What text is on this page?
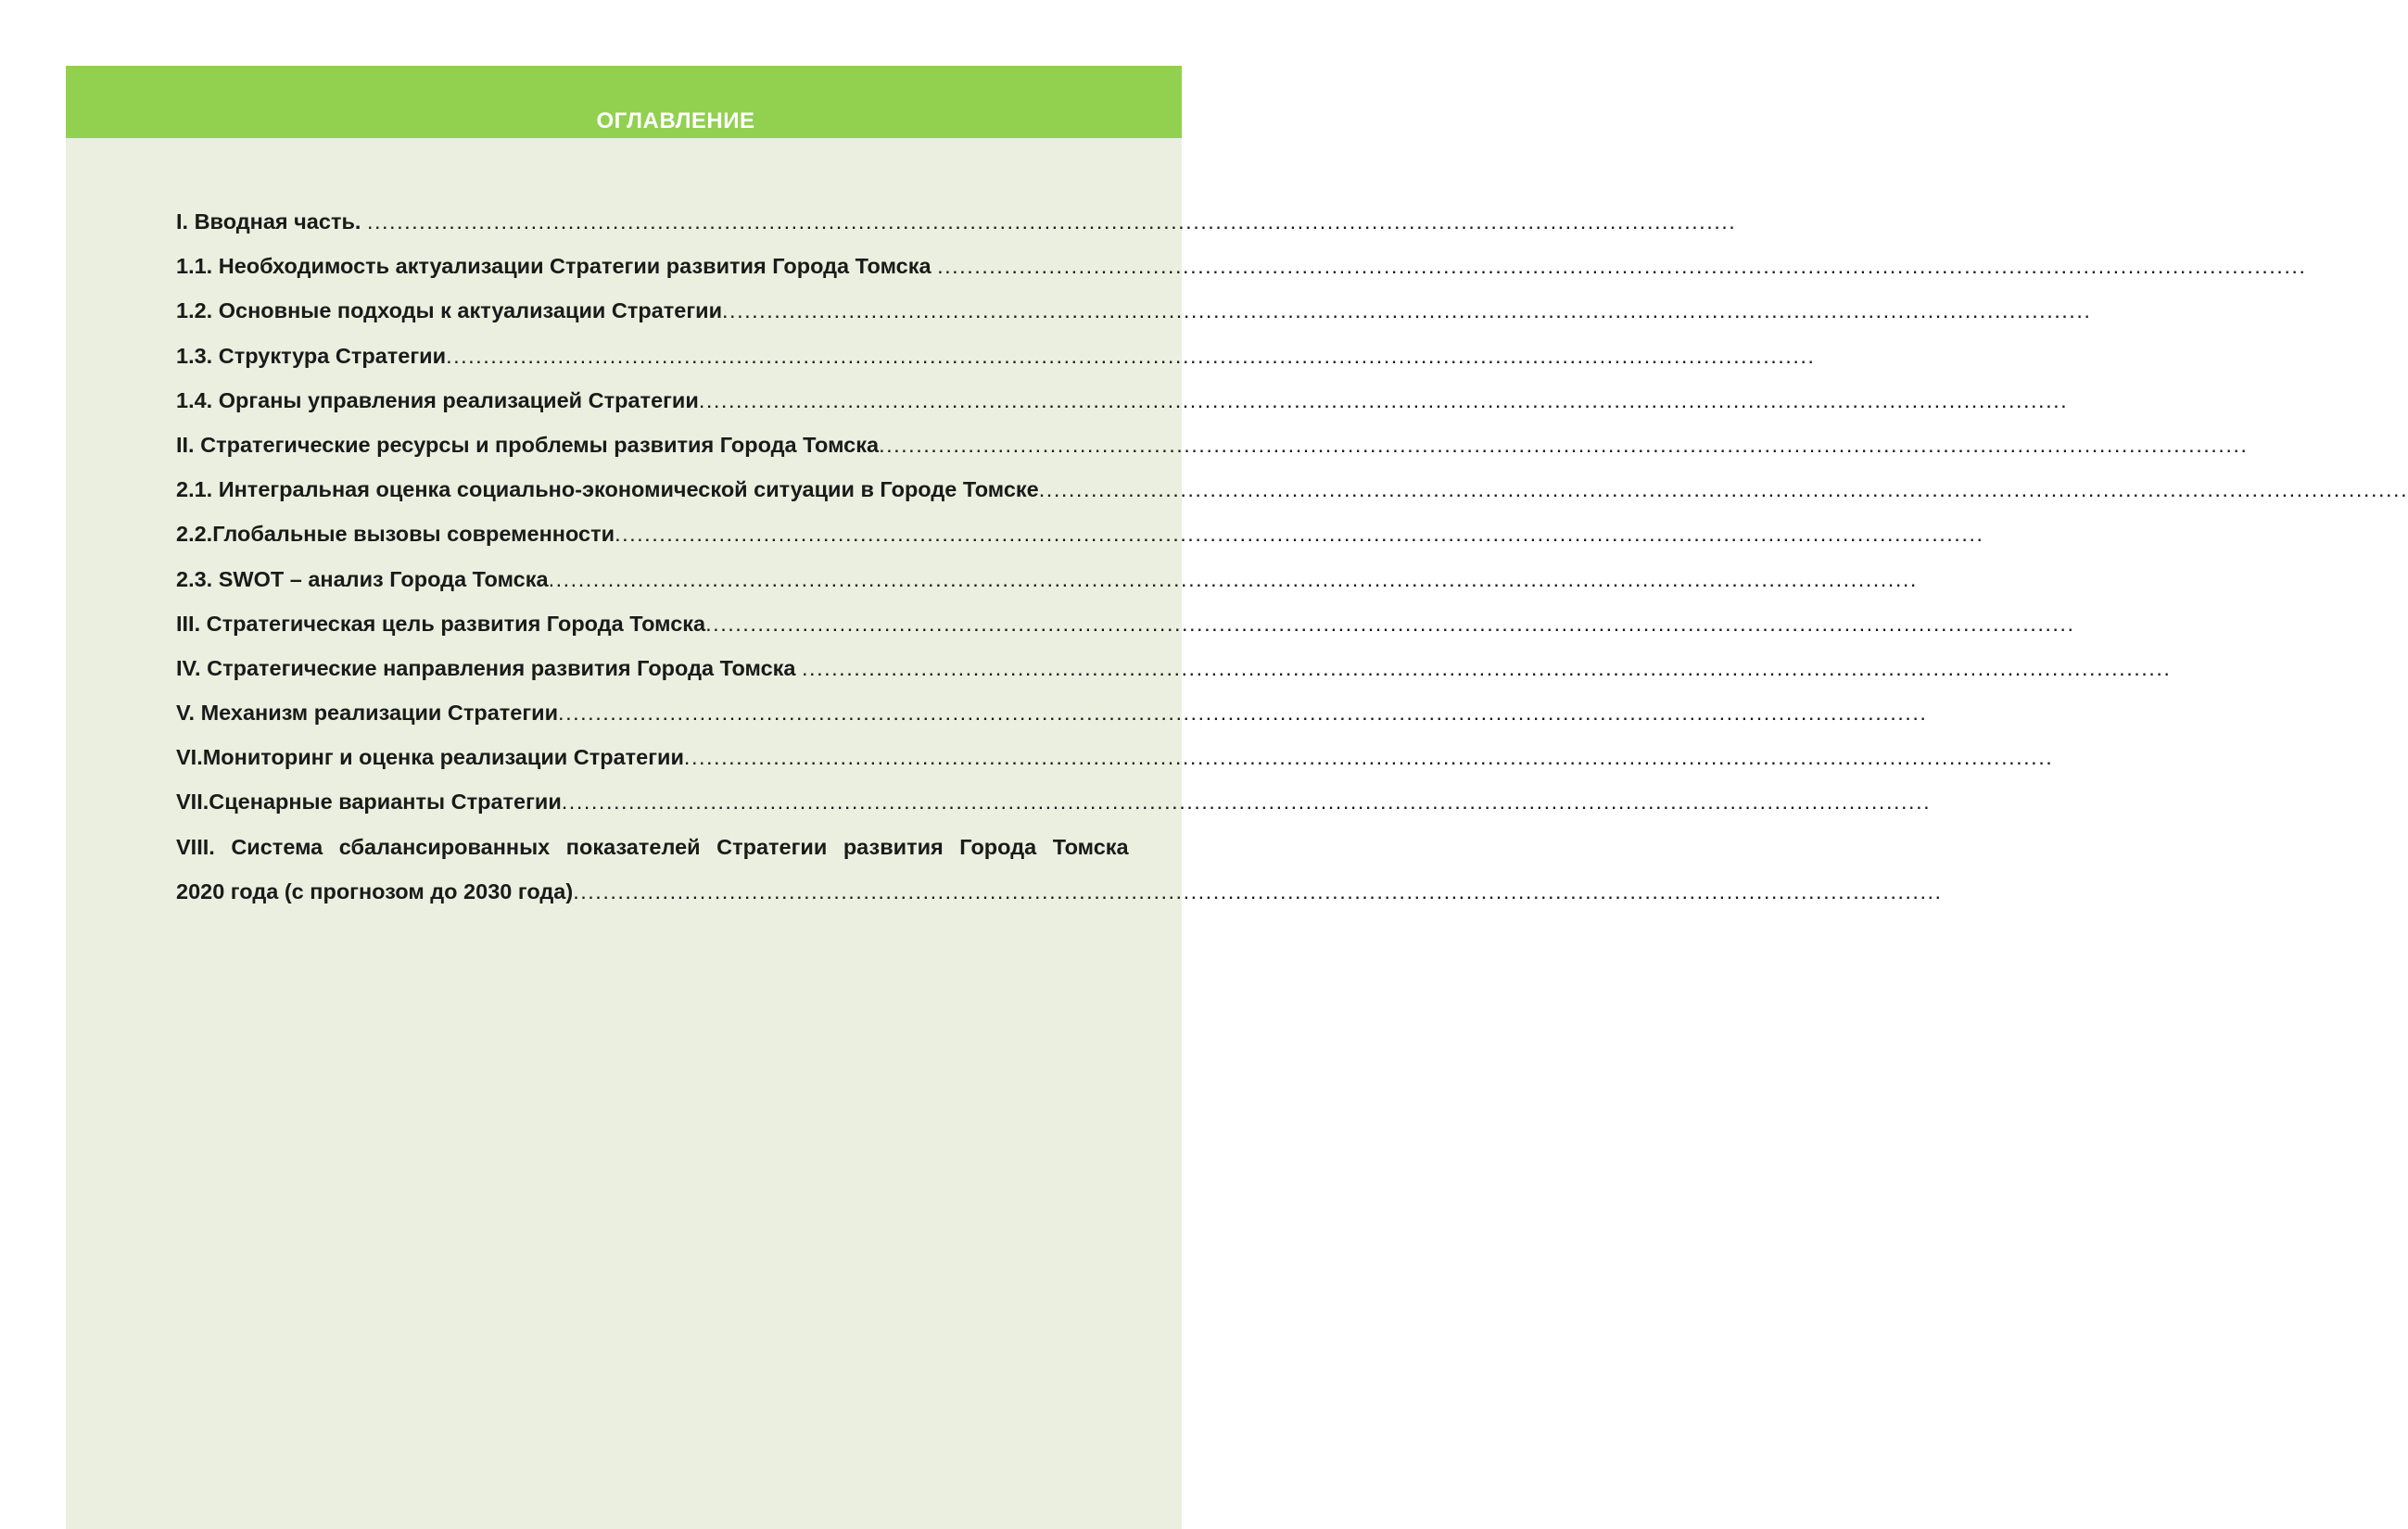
ОГЛАВЛЕНИЕ
I. Вводная часть. ........................................................................................................................................................................................
1.1. Необходимость актуализации Стратегии развития Города Томска ........................................................................................................................................................................................
1.2. Основные подходы к актуализации Стратегии........................................................................................................................................................................................
1.3. Структура Стратегии........................................................................................................................................................................................
1.4. Органы управления реализацией Стратегии........................................................................................................................................................................................
II. Стратегические ресурсы и проблемы развития Города Томска........................................................................................................................................................................................
2.1. Интегральная оценка социально-экономической ситуации в Городе Томске........................................................................................................................................................................................
2.2.Глобальные вызовы современности........................................................................................................................................................................................
2.3. SWOT – анализ Города Томска........................................................................................................................................................................................
III. Стратегическая цель развития Города Томска........................................................................................................................................................................................
IV. Стратегические направления развития Города Томска ........................................................................................................................................................................................
V. Механизм реализации Стратегии........................................................................................................................................................................................
VI.Мониторинг и оценка реализации Стратегии........................................................................................................................................................................................
VII.Сценарные варианты Стратегии........................................................................................................................................................................................
VIII. Система сбалансированных показателей Стратегии развития Города Томска
2020 года (с прогнозом до 2030 года)........................................................................................................................................................................................
